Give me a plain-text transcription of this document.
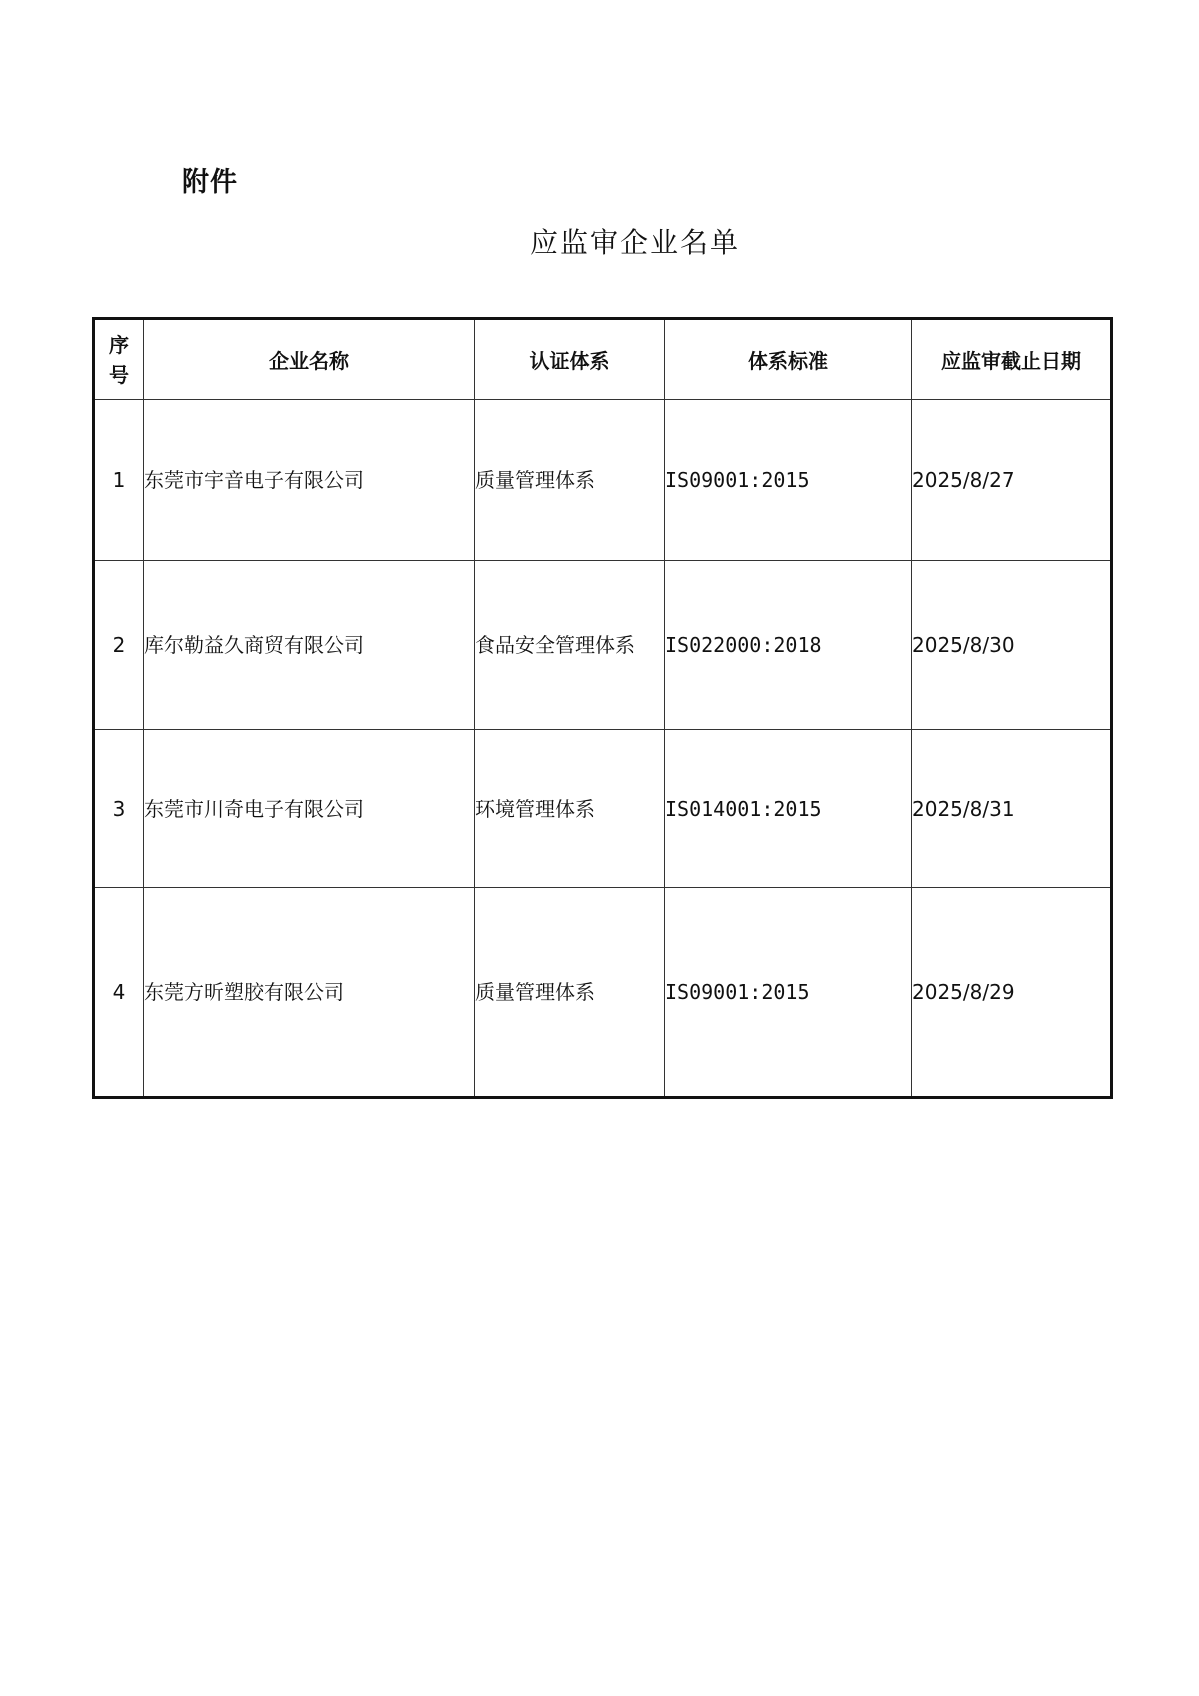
附件
应监审企业名单
序
号	企业名称	认证体系	体系标准	应监审截止日期
1	东莞市宇音电子有限公司	质量管理体系	IS09001:2015	2025/8/27
2	库尔勒益久商贸有限公司	食品安全管理体系	IS022000:2018	2025/8/30
3	东莞市川奇电子有限公司	环境管理体系	IS014001:2015	2025/8/31
4	东莞方昕塑胶有限公司	质量管理体系	IS09001:2015	2025/8/29
